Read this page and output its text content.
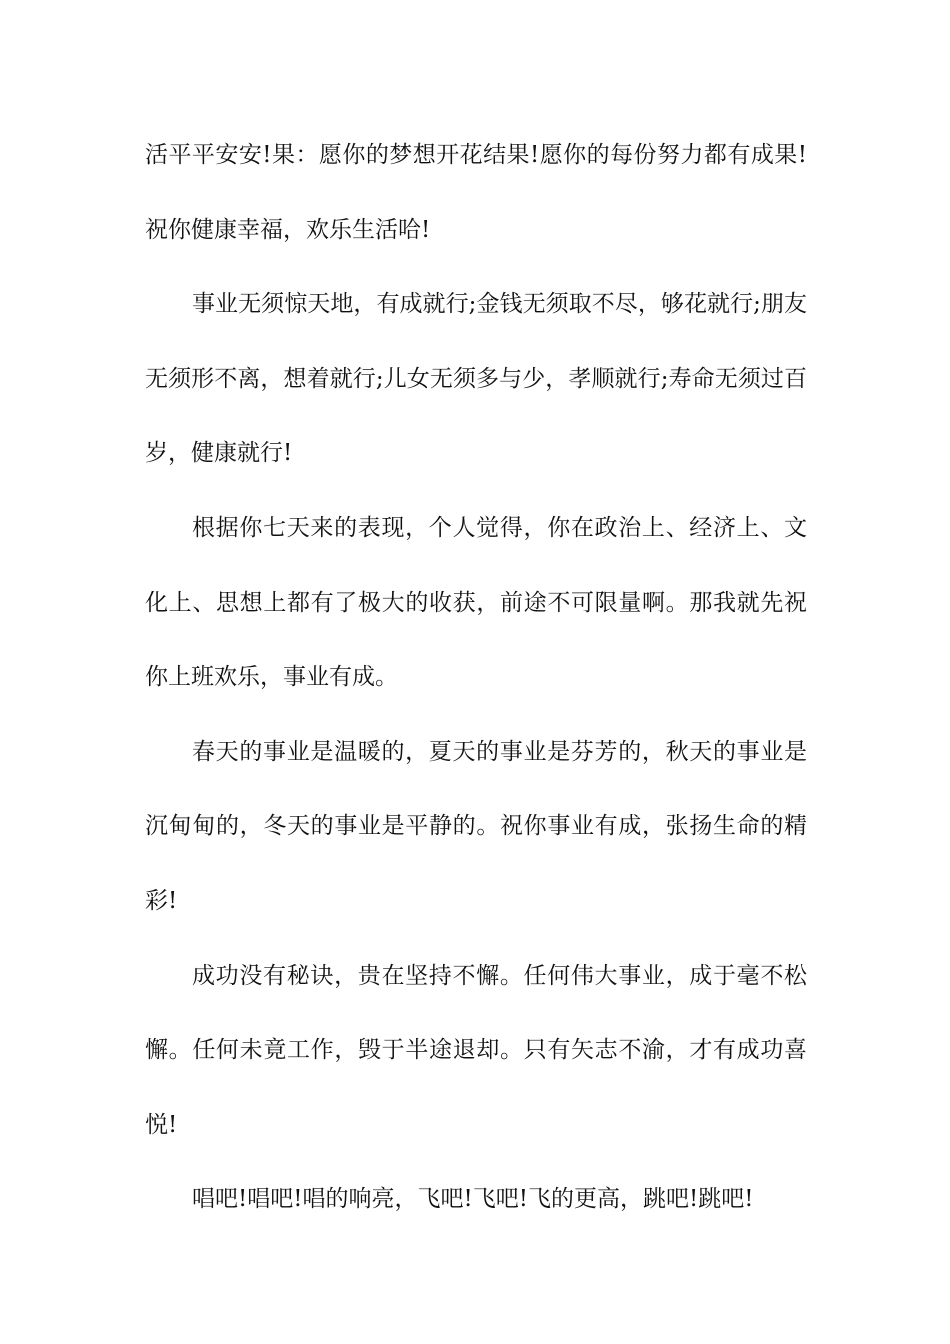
活平平安安!果：愿你的梦想开花结果!愿你的每份努力都有成果!祝你健康幸福，欢乐生活哈!

事业无须惊天地，有成就行;金钱无须取不尽，够花就行;朋友无须形不离，想着就行;儿女无须多与少，孝顺就行;寿命无须过百岁，健康就行!

根据你七天来的表现，个人觉得，你在政治上、经济上、文化上、思想上都有了极大的收获，前途不可限量啊。那我就先祝你上班欢乐，事业有成。

春天的事业是温暖的，夏天的事业是芬芳的，秋天的事业是沉甸甸的，冬天的事业是平静的。祝你事业有成，张扬生命的精彩!

成功没有秘诀，贵在坚持不懈。任何伟大事业，成于毫不松懈。任何未竟工作，毁于半途退却。只有矢志不渝，才有成功喜悦!

唱吧!唱吧!唱的响亮，飞吧!飞吧!飞的更高，跳吧!跳吧!
